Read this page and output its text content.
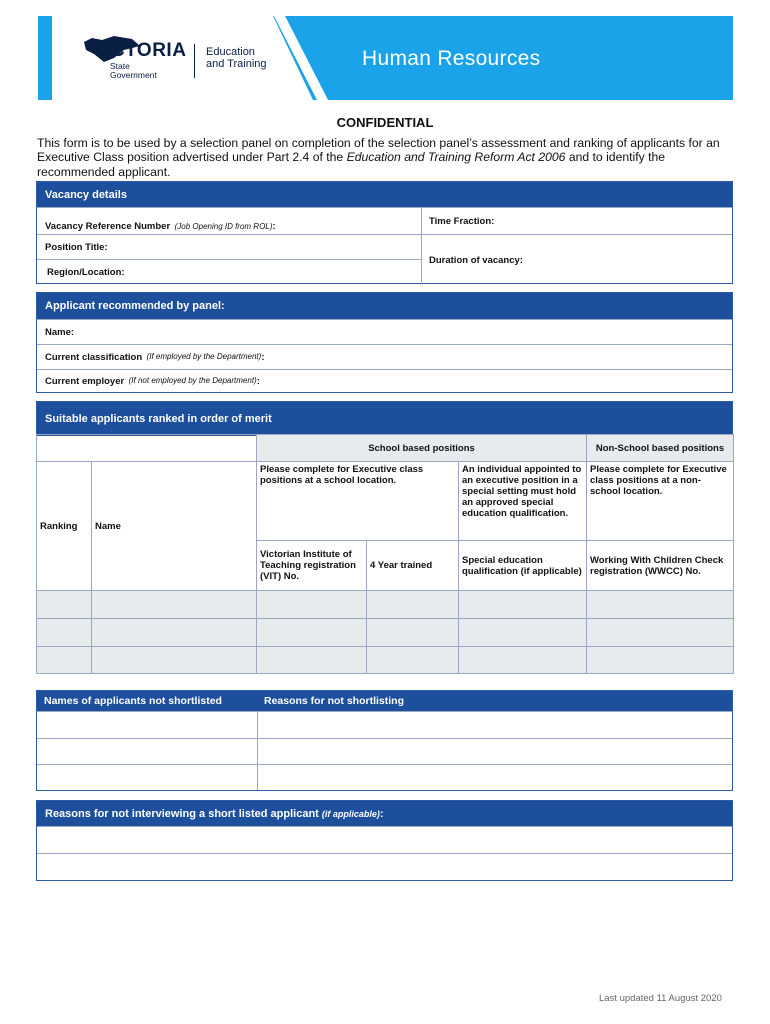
VICTORIA
State
Government
Education
and Training	Human Resources
CONFIDENTIAL
This form is to be used by a selection panel on completion of the selection panel’s assessment and ranking of applicants for an Executive Class position advertised under Part 2.4 of the Education and Training Reform Act 2006 and to identify the recommended applicant.
Vacancy details
Vacancy Reference Number (Job Opening ID from ROL):	Time Fraction:
Position Title:
Region/Location:
Duration of vacancy:
Applicant recommended by panel:
Name:
Current classification
(If employed by the Department) :
Current employer
(If not employed by the Department) :
Suitable applicants ranked in order of merit
		School based positions			Non-School based positions
Ranking	Name	Please complete for Executive class positions at a school location.		An individual appointed to an executive position in a special setting must hold an approved special education qualification.	Please complete for Executive class positions at a non-school location.
		Victorian Institute of Teaching registration (VIT) No.	4 Year trained	Special education qualification (if applicable)	Working With Children Check registration (WWCC) No.

Names of applicants not shortlisted	Reasons for not shortlisting
Reasons for not interviewing a short listed applicant
(if applicable) :
Last updated 11 August 2020
